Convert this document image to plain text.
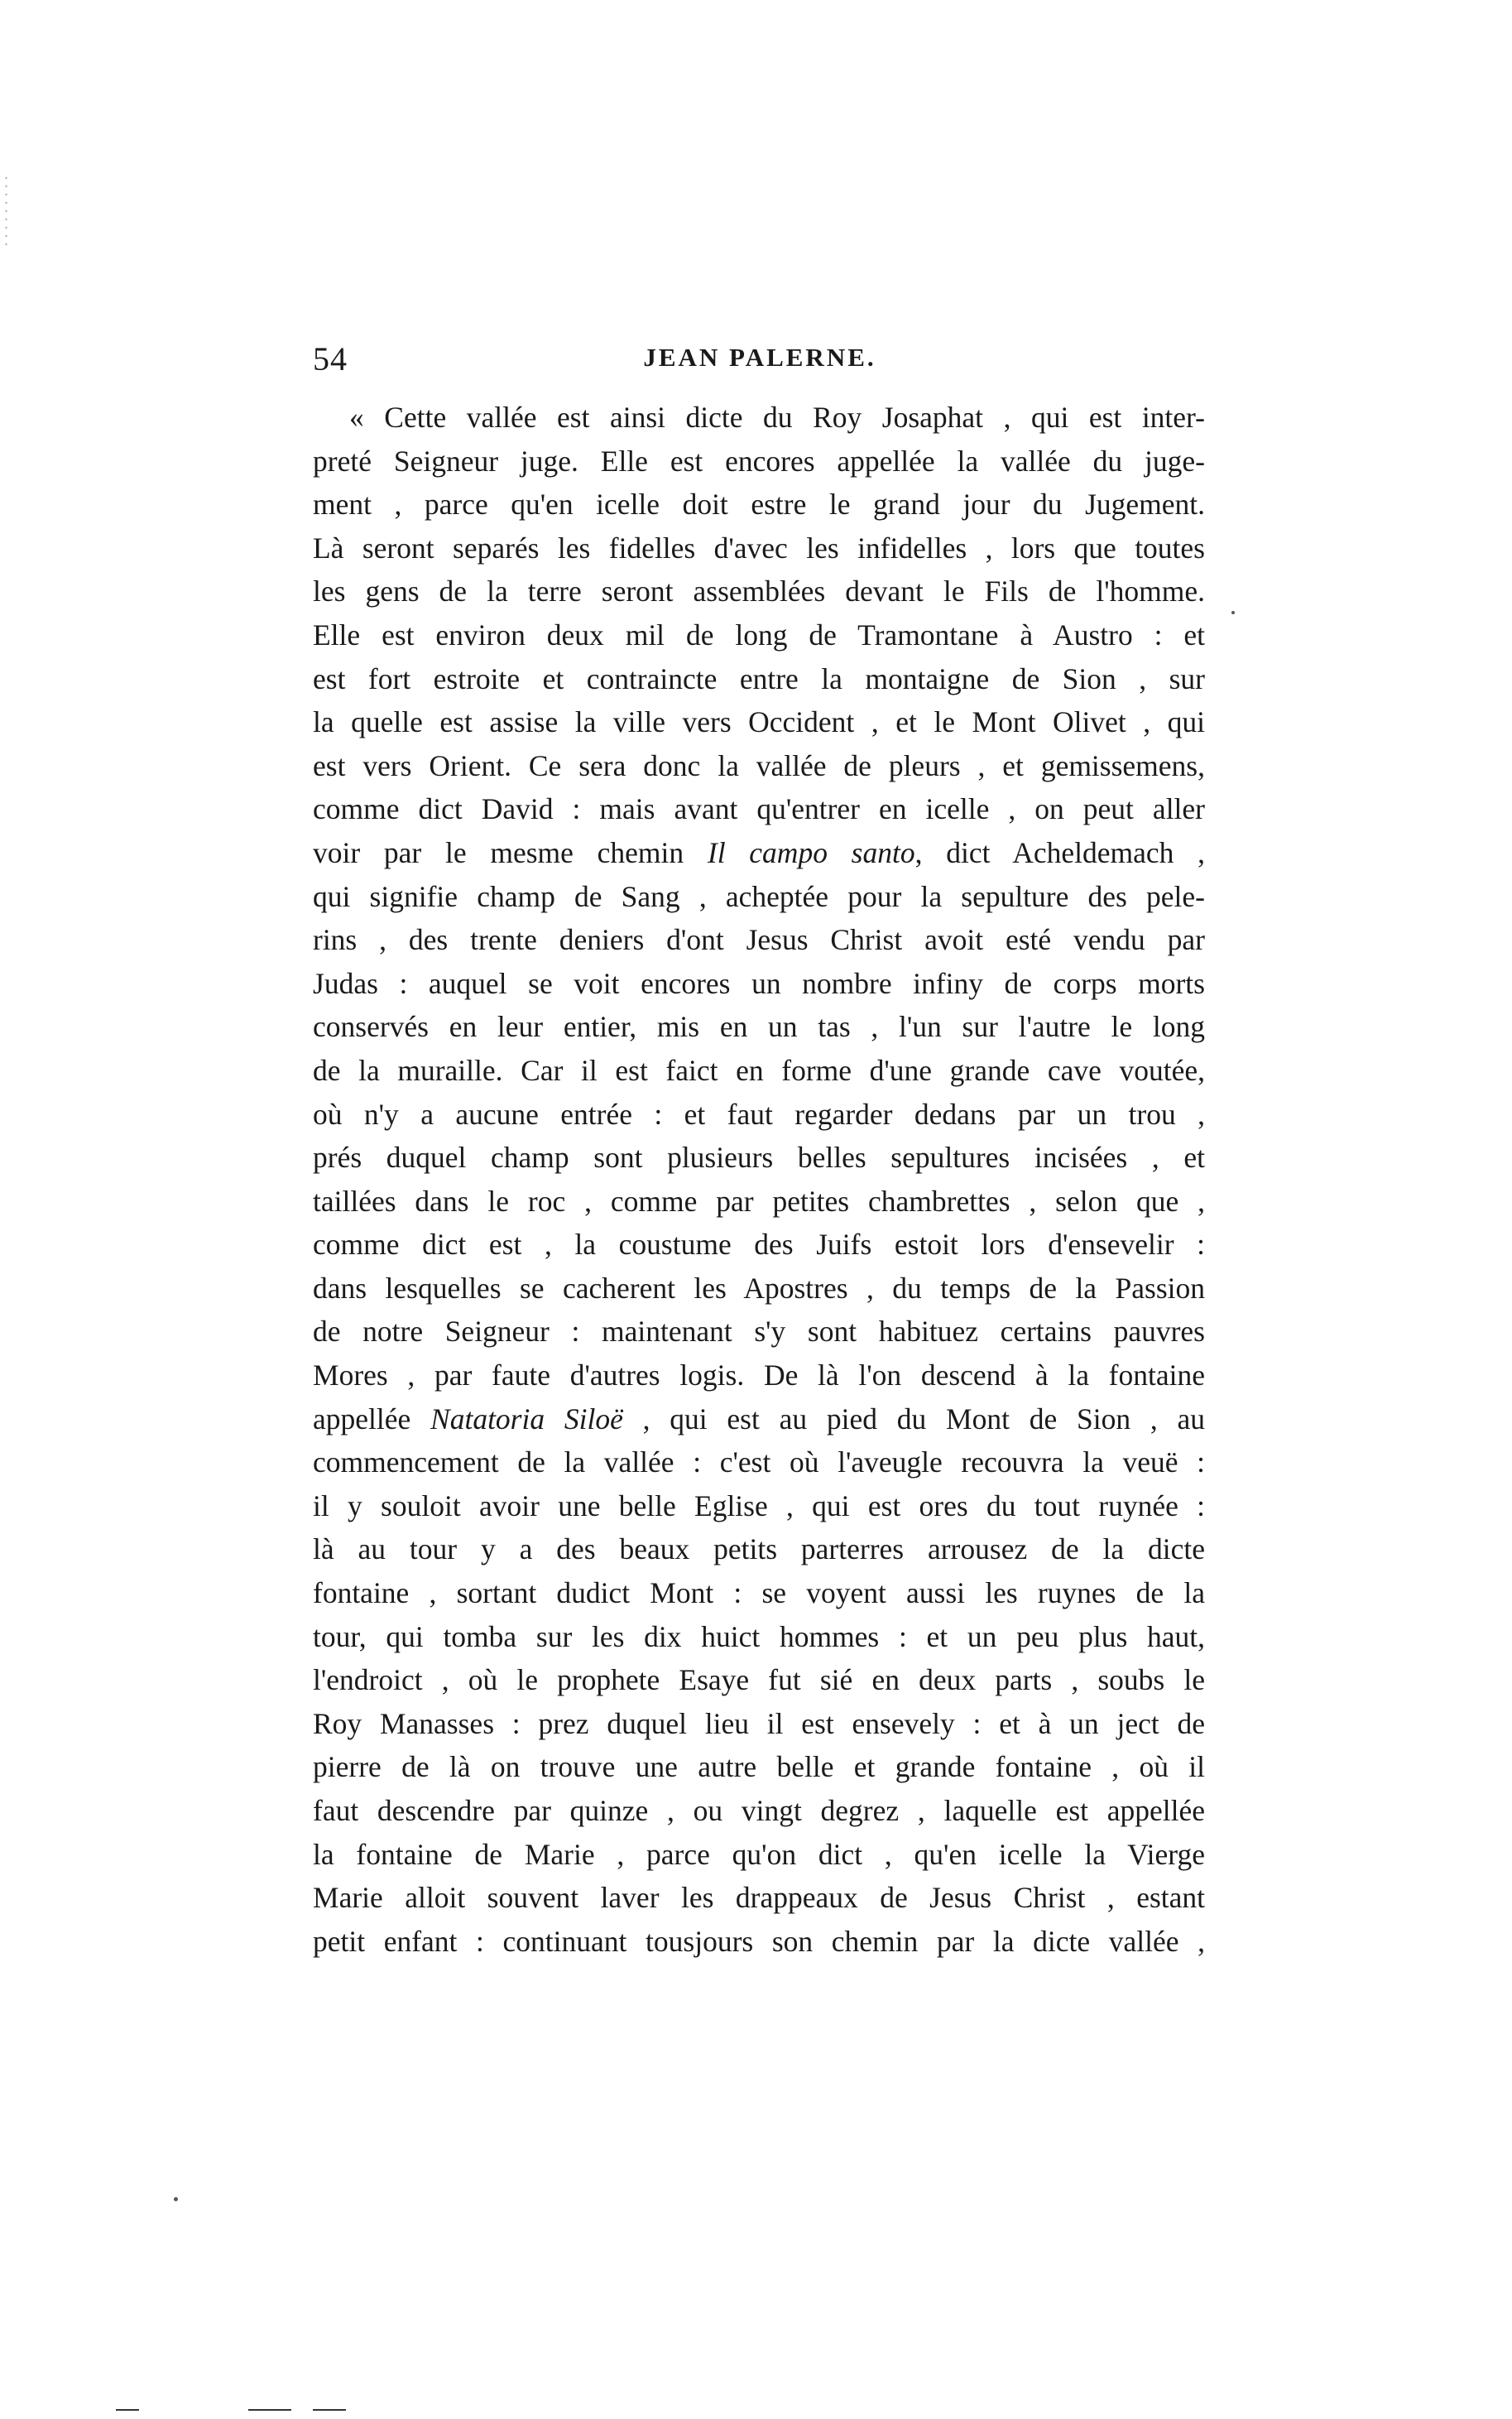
54	JEAN PALERNE.
« Cette vallée est ainsi dicte du Roy Josaphat , qui est inter-
preté Seigneur juge. Elle est encores appellée la vallée du juge-
ment , parce qu'en icelle doit estre le grand jour du Jugement.
Là seront separés les fidelles d'avec les infidelles , lors que toutes
les gens de la terre seront assemblées devant le Fils de l'homme.
Elle est environ deux mil de long de Tramontane à Austro : et
est fort estroite et contraincte entre la montaigne de Sion , sur
la quelle est assise la ville vers Occident , et le Mont Olivet , qui
est vers Orient. Ce sera donc la vallée de pleurs , et gemissemens,
comme dict David : mais avant qu'entrer en icelle , on peut aller
voir par le mesme chemin Il campo santo, dict Acheldemach ,
qui signifie champ de Sang , acheptée pour la sepulture des pele-
rins , des trente deniers d'ont Jesus Christ avoit esté vendu par
Judas : auquel se voit encores un nombre infiny de corps morts
conservés en leur entier, mis en un tas , l'un sur l'autre le long
de la muraille. Car il est faict en forme d'une grande cave voutée,
où n'y a aucune entrée : et faut regarder dedans par un trou ,
prés duquel champ sont plusieurs belles sepultures incisées , et
taillées dans le roc , comme par petites chambrettes , selon que ,
comme dict est , la coustume des Juifs estoit lors d'ensevelir :
dans lesquelles se cacherent les Apostres , du temps de la Passion
de notre Seigneur : maintenant s'y sont habituez certains pauvres
Mores , par faute d'autres logis. De là l'on descend à la fontaine
appellée Natatoria Siloë , qui est au pied du Mont de Sion , au
commencement de la vallée : c'est où l'aveugle recouvra la veuë :
il y souloit avoir une belle Eglise , qui est ores du tout ruynée :
là au tour y a des beaux petits parterres arrousez de la dicte
fontaine , sortant dudict Mont : se voyent aussi les ruynes de la
tour, qui tomba sur les dix huict hommes : et un peu plus haut,
l'endroict , où le prophete Esaye fut sié en deux parts , soubs le
Roy Manasses : prez duquel lieu il est ensevely : et à un ject de
pierre de là on trouve une autre belle et grande fontaine , où il
faut descendre par quinze , ou vingt degrez , laquelle est appellée
la fontaine de Marie , parce qu'on dict , qu'en icelle la Vierge
Marie alloit souvent laver les drappeaux de Jesus Christ , estant
petit enfant : continuant tousjours son chemin par la dicte vallée ,
